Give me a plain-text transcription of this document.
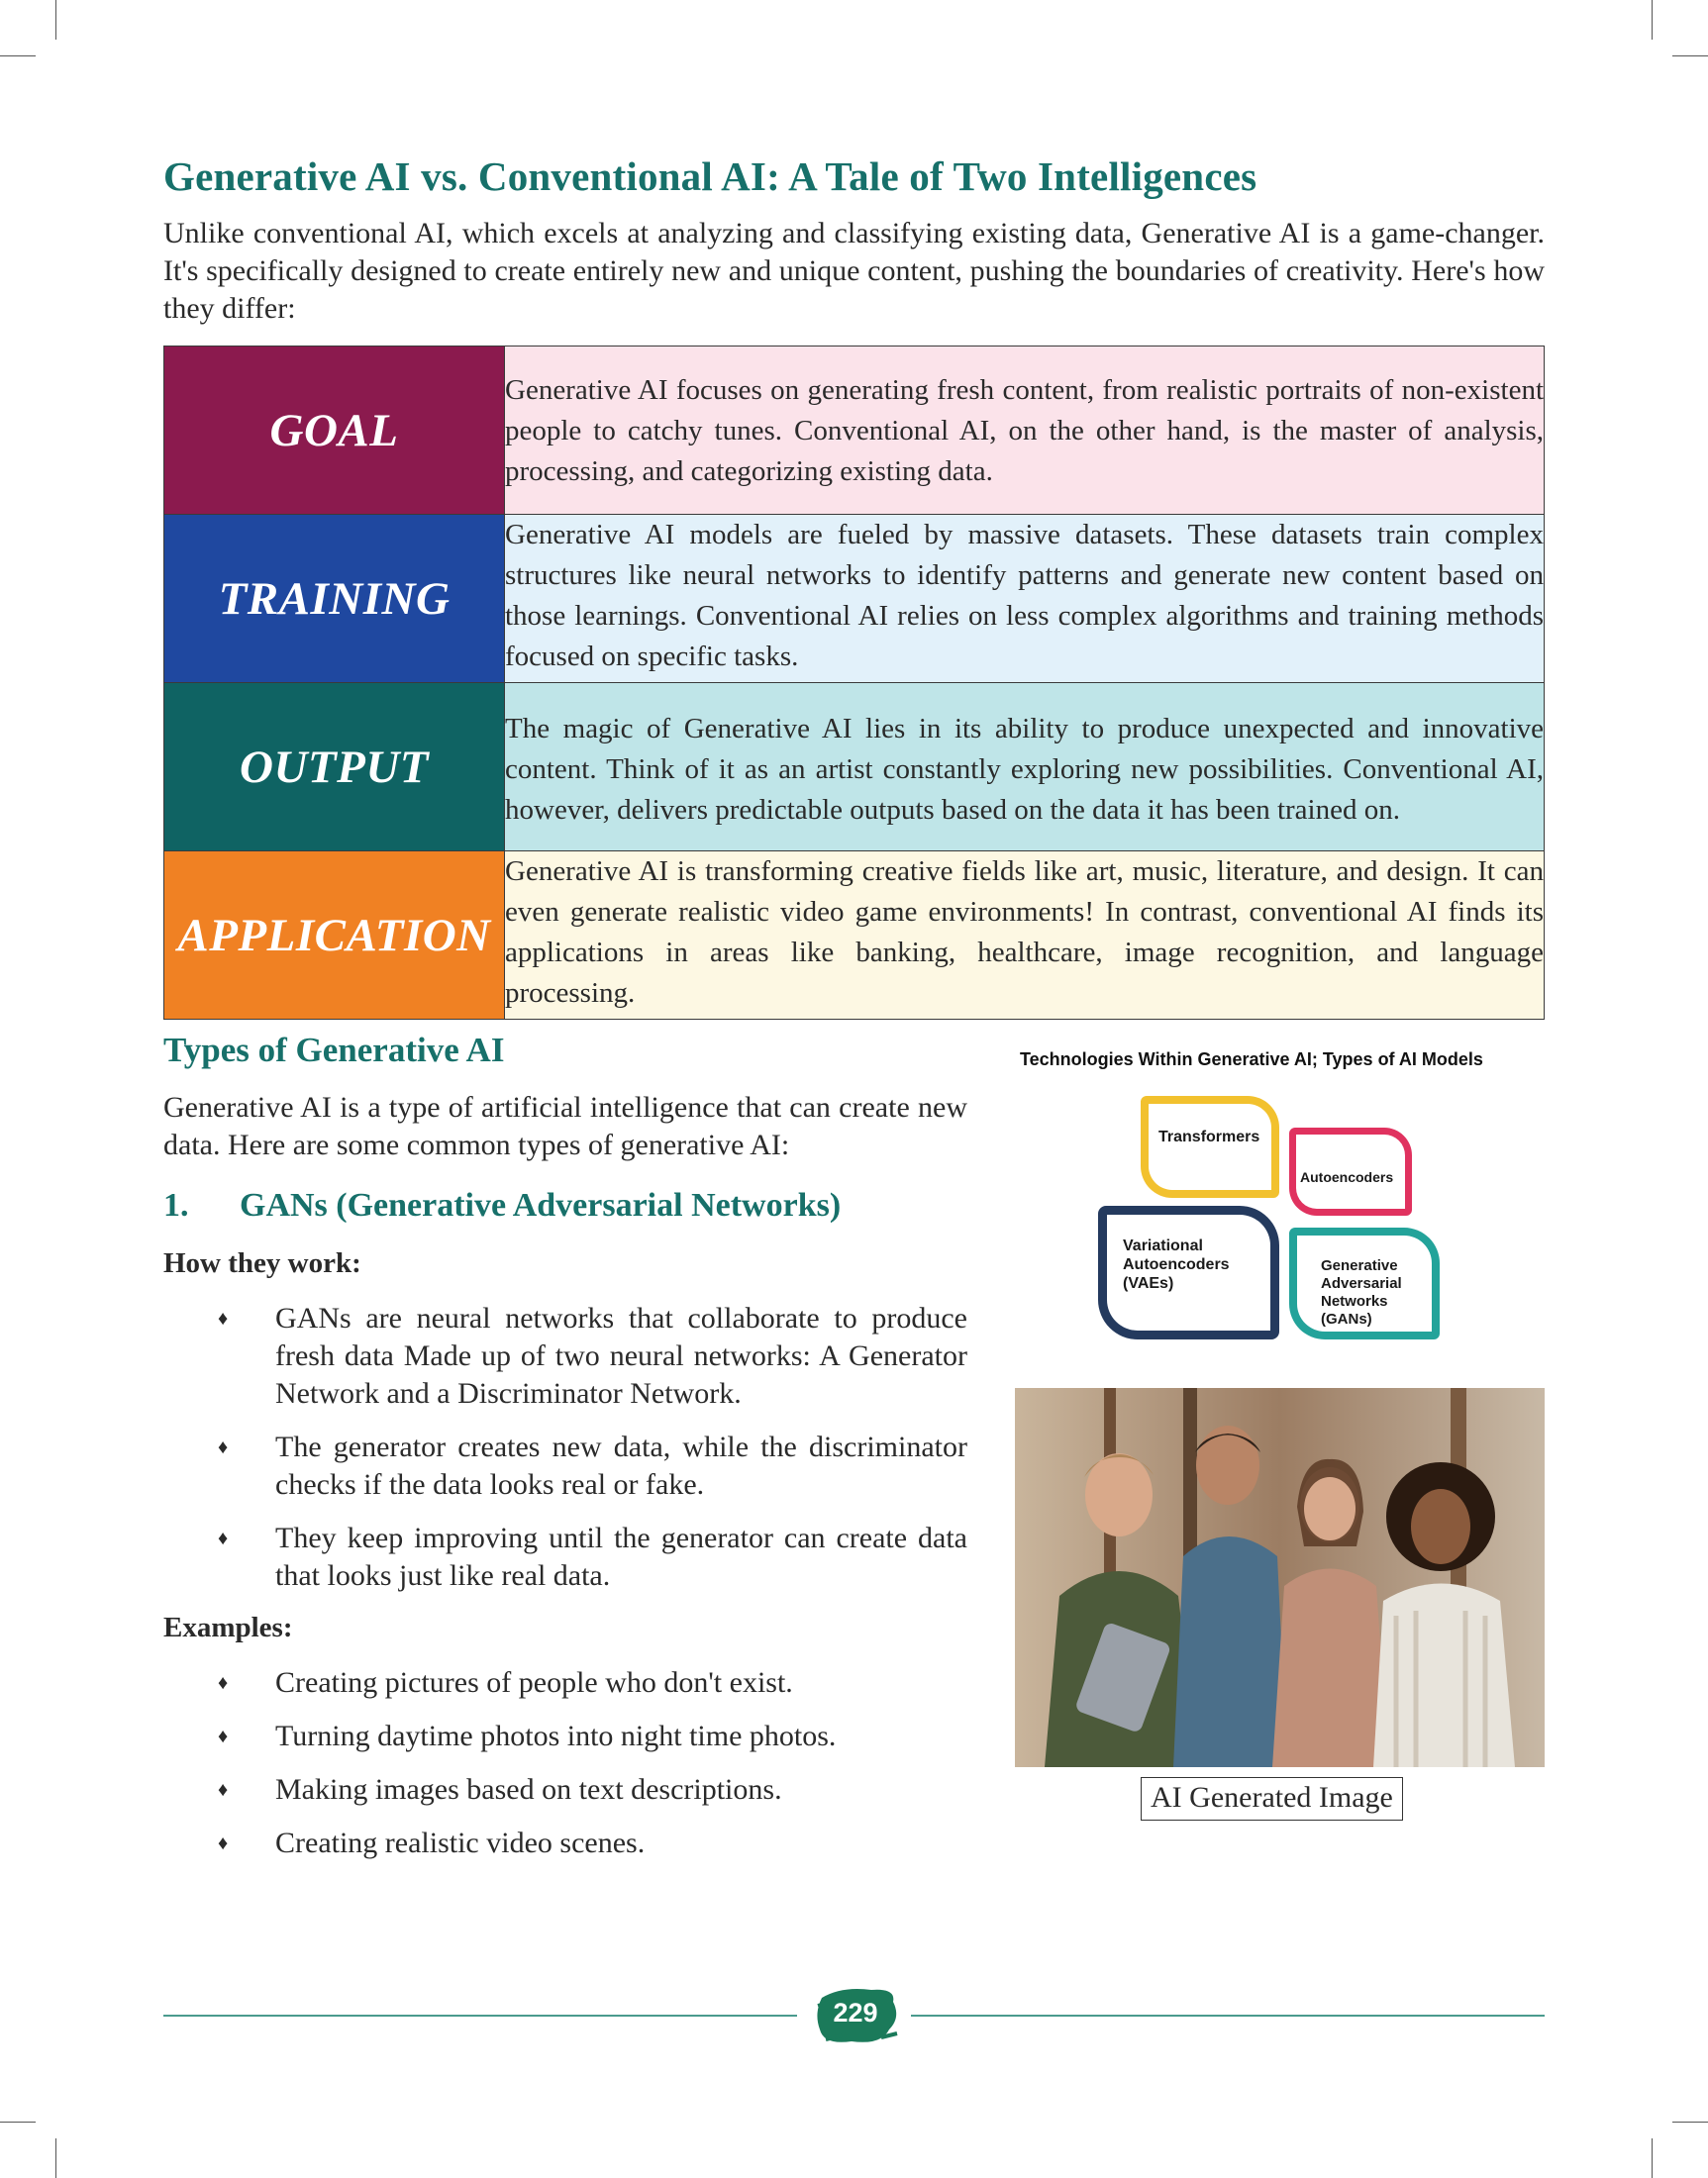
Generative AI vs. Conventional AI: A Tale of Two Intelligences

Unlike conventional AI, which excels at analyzing and classifying existing data, Generative AI is a game-changer. It's specifically designed to create entirely new and unique content, pushing the boundaries of creativity. Here's how they differ:

GOAL	Generative AI focuses on generating fresh content, from realistic portraits of non-existent people to catchy tunes. Conventional AI, on the other hand, is the master of analysis, processing, and categorizing existing data.
TRAINING	Generative AI models are fueled by massive datasets. These datasets train complex structures like neural networks to identify patterns and generate new content based on those learnings. Conventional AI relies on less complex algorithms and training methods focused on specific tasks.
OUTPUT	The magic of Generative AI lies in its ability to produce unexpected and innovative content. Think of it as an artist constantly exploring new possibilities. Conventional AI, however, delivers predictable outputs based on the data it has been trained on.
APPLICATION	Generative AI is transforming creative fields like art, music, literature, and design. It can even generate realistic video game environments! In contrast, conventional AI finds its applications in areas like banking, healthcare, image recognition, and language processing.
Types of Generative AI

Generative AI is a type of artificial intelligence that can create new data. Here are some common types of generative AI:

1. GANs (Generative Adversarial Networks)
How they work:
♦ GANs are neural networks that collaborate to produce fresh data Made up of two neural networks: A Generator Network and a Discriminator Network.
♦ The generator creates new data, while the discriminator checks if the data looks real or fake.
♦ They keep improving until the generator can create data that looks just like real data.
Examples:
♦ Creating pictures of people who don't exist.
♦ Turning daytime photos into night time photos.
♦ Making images based on text descriptions.
♦ Creating realistic video scenes.
Technologies Within Generative AI; Types of AI Models
Transformers
Autoencoders
Variational Autoencoders (VAEs)
Generative Adversarial Networks (GANs)
AI Generated Image
229
